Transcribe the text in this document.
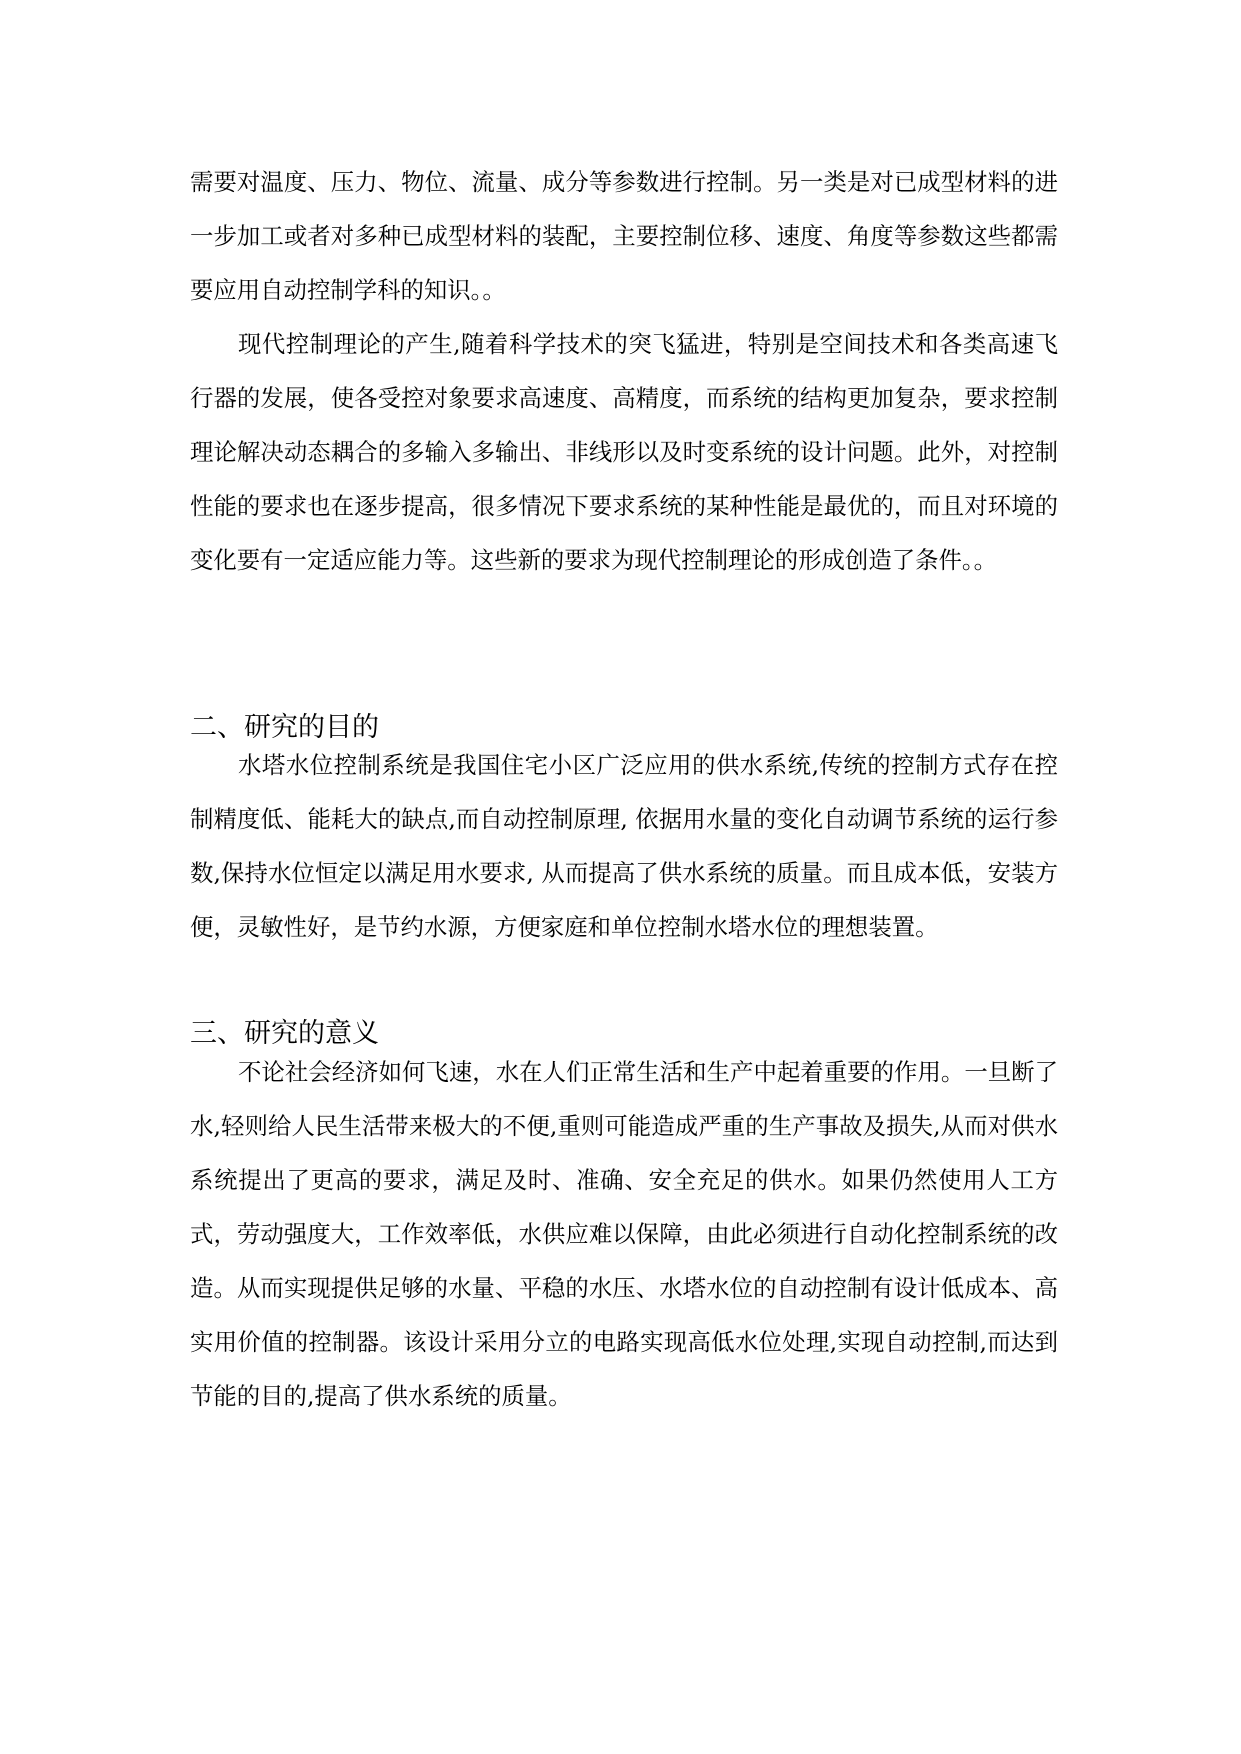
需要对温度、压力、物位、流量、成分等参数进行控制。另一类是对已成型材料的进一步加工或者对多种已成型材料的装配，主要控制位移、速度、角度等参数这些都需要应用自动控制学科的知识。。

现代控制理论的产生,随着科学技术的突飞猛进，特别是空间技术和各类高速飞行器的发展，使各受控对象要求高速度、高精度，而系统的结构更加复杂，要求控制理论解决动态耦合的多输入多输出、非线形以及时变系统的设计问题。此外，对控制性能的要求也在逐步提高，很多情况下要求系统的某种性能是最优的，而且对环境的变化要有一定适应能力等。这些新的要求为现代控制理论的形成创造了条件。。

二、研究的目的

水塔水位控制系统是我国住宅小区广泛应用的供水系统,传统的控制方式存在控制精度低、能耗大的缺点,而自动控制原理, 依据用水量的变化自动调节系统的运行参数,保持水位恒定以满足用水要求, 从而提高了供水系统的质量。而且成本低，安装方便，灵敏性好，是节约水源，方便家庭和单位控制水塔水位的理想装置。

三、研究的意义

不论社会经济如何飞速，水在人们正常生活和生产中起着重要的作用。一旦断了水,轻则给人民生活带来极大的不便,重则可能造成严重的生产事故及损失,从而对供水系统提出了更高的要求，满足及时、准确、安全充足的供水。如果仍然使用人工方式，劳动强度大，工作效率低，水供应难以保障，由此必须进行自动化控制系统的改造。从而实现提供足够的水量、平稳的水压、水塔水位的自动控制有设计低成本、高实用价值的控制器。该设计采用分立的电路实现高低水位处理,实现自动控制,而达到节能的目的,提高了供水系统的质量。
